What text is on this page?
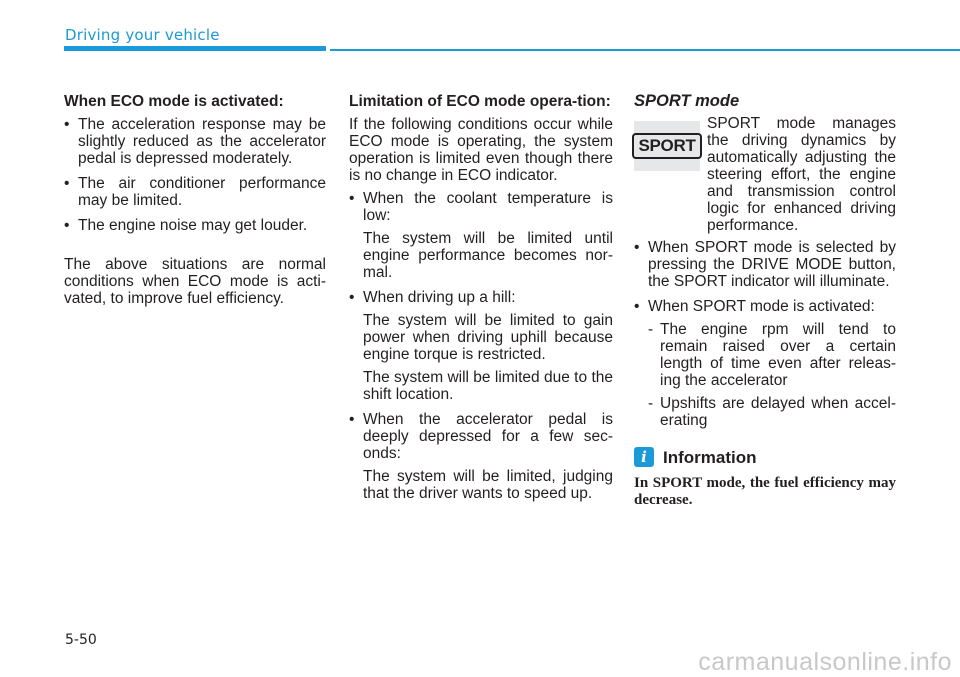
Driving your vehicle

When ECO mode is activated:

• The acceleration response may be slightly reduced as the accelerator pedal is depressed moderately.
• The air conditioner performance may be limited.
• The engine noise may get louder.

The above situations are normal conditions when ECO mode is acti-vated, to improve fuel efficiency.

Limitation of ECO mode opera-tion:

If the following conditions occur while ECO mode is operating, the system operation is limited even though there is no change in ECO indicator.

• When the coolant temperature is low:
The system will be limited until engine performance becomes nor-mal.
• When driving up a hill:
The system will be limited to gain power when driving uphill because engine torque is restricted.
The system will be limited due to the shift location.
• When the accelerator pedal is deeply depressed for a few sec-onds:
The system will be limited, judging that the driver wants to speed up.
SPORT mode
SPORT

SPORT mode manages the driving dynamics by automatically adjusting the steering effort, the engine and transmission control logic for enhanced driving performance.

• When SPORT mode is selected by pressing the DRIVE MODE button, the SPORT indicator will illuminate.
• When SPORT mode is activated:
- The engine rpm will tend to remain raised over a certain length of time even after releas-ing the accelerator
- Upshifts are delayed when accel-erating
i Information

In SPORT mode, the fuel efficiency may decrease.

5-50
carmanualsonline.info
